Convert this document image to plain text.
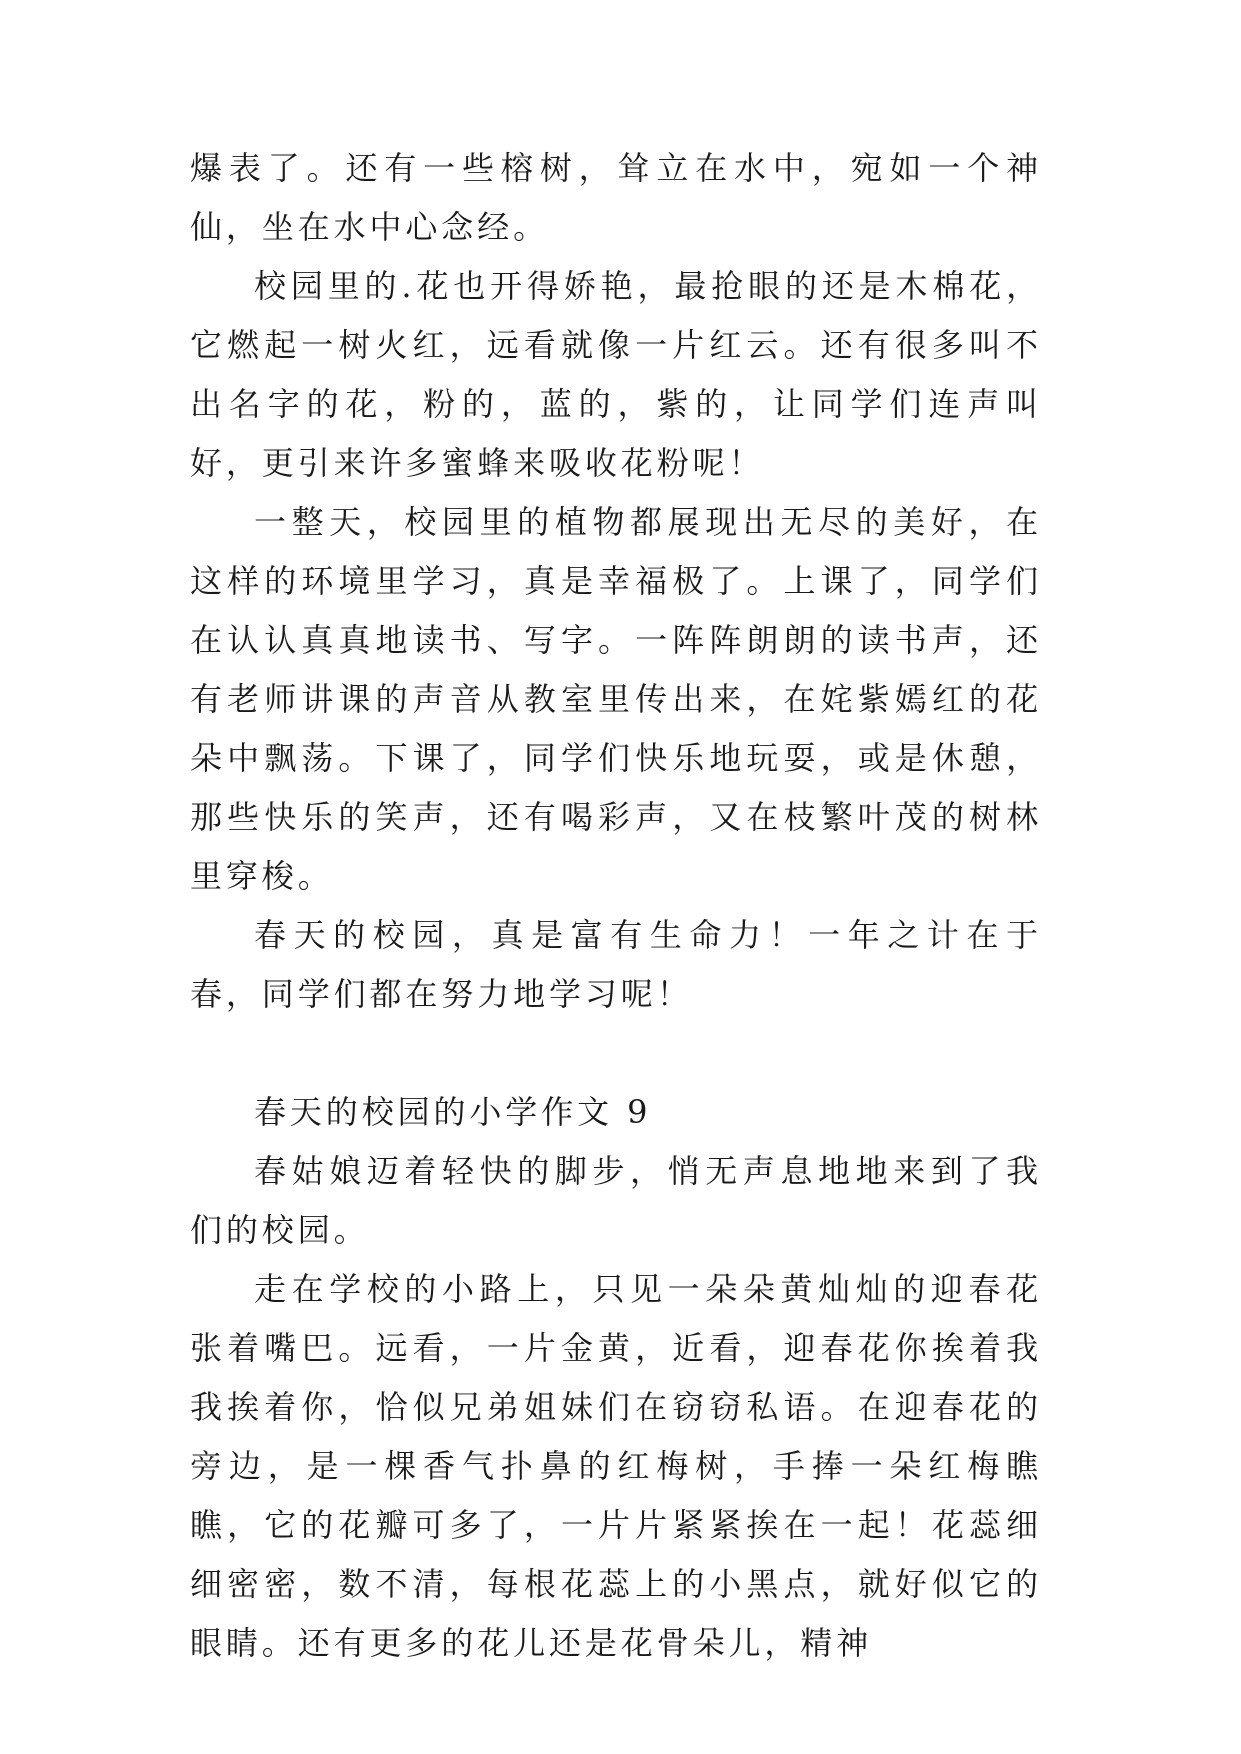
爆表了。还有一些榕树，耸立在水中，宛如一个神仙，坐在水中心念经。

校园里的.花也开得娇艳，最抢眼的还是木棉花，它燃起一树火红，远看就像一片红云。还有很多叫不出名字的花，粉的，蓝的，紫的，让同学们连声叫好，更引来许多蜜蜂来吸收花粉呢！

一整天，校园里的植物都展现出无尽的美好，在这样的环境里学习，真是幸福极了。上课了，同学们在认认真真地读书、写字。一阵阵朗朗的读书声，还有老师讲课的声音从教室里传出来，在姹紫嫣红的花朵中飘荡。下课了，同学们快乐地玩耍，或是休憩，那些快乐的笑声，还有喝彩声，又在枝繁叶茂的树林里穿梭。

春天的校园，真是富有生命力！一年之计在于春，同学们都在努力地学习呢！

春天的校园的小学作文 9

春姑娘迈着轻快的脚步，悄无声息地地来到了我们的校园。

走在学校的小路上，只见一朵朵黄灿灿的迎春花张着嘴巴。远看，一片金黄，近看，迎春花你挨着我我挨着你，恰似兄弟姐妹们在窃窃私语。在迎春花的旁边，是一棵香气扑鼻的红梅树，手捧一朵红梅瞧瞧，它的花瓣可多了，一片片紧紧挨在一起！花蕊细细密密，数不清，每根花蕊上的小黑点，就好似它的眼睛。还有更多的花儿还是花骨朵儿，精神
